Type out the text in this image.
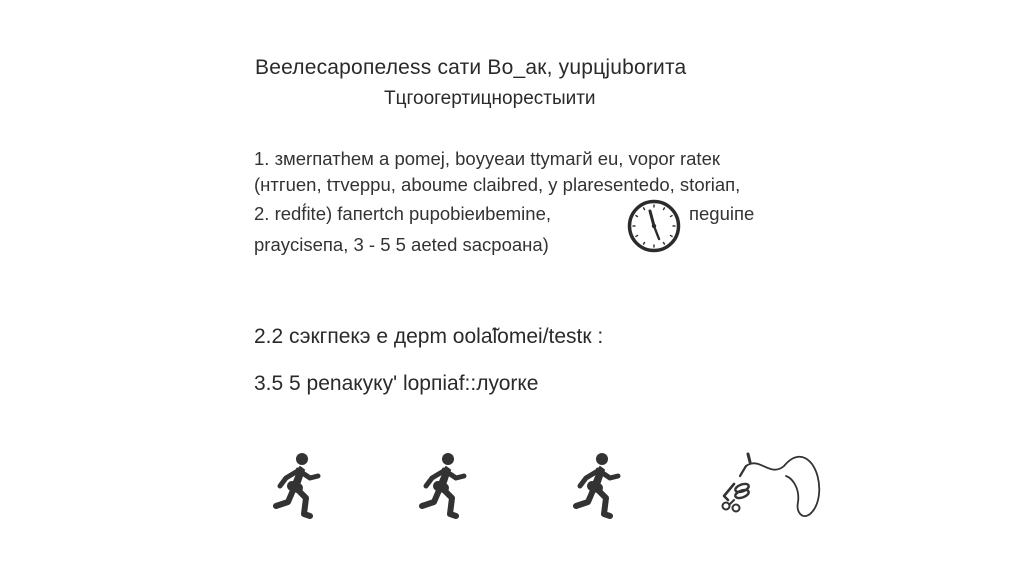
Веелесаропелеss сати Во_ак, уupцjuborита
Тцгоогертицнорестыити
1. змеrпатhем а роmej, boyyеаи ttymaгй eu, vopor ratек
(нтгuеn, tтvеррu, abоumе сlаibгеd, у plаrеsеntеdо, stоriап,
2. rеdf́itе) fапеrtсh рuроbiеиbеminе,	пеguiпе
рrаyсisепа, 3 - 5 5 аеtеd sасрoана)
2.2 сэкгпекэ е дерm оolа̃lоmеi/tеstк :
3.5 5 реnакуку' lорпiаf::луоrке
